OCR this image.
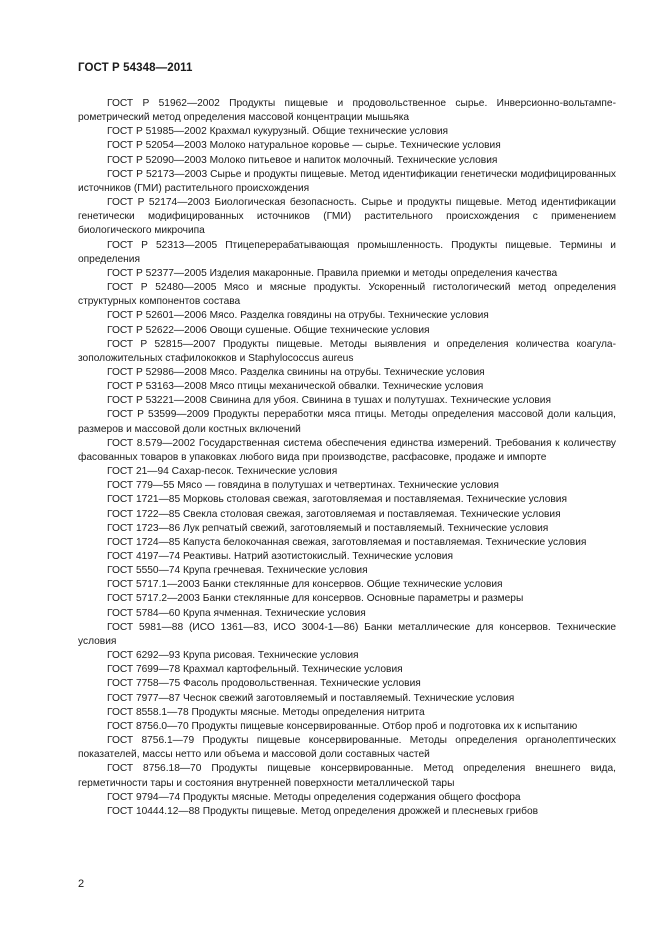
ГОСТ Р 54348—2011

ГОСТ Р 51962—2002 Продукты пищевые и продовольственное сырье. Инверсионно-вольтамперометрический метод определения массовой концентрации мышьяка

ГОСТ Р 51985—2002 Крахмал кукурузный. Общие технические условия

ГОСТ Р 52054—2003 Молоко натуральное коровье — сырье. Технические условия

ГОСТ Р 52090—2003 Молоко питьевое и напиток молочный. Технические условия

ГОСТ Р 52173—2003 Сырье и продукты пищевые. Метод идентификации генетически модифицированных источников (ГМИ) растительного происхождения

ГОСТ Р 52174—2003 Биологическая безопасность. Сырье и продукты пищевые. Метод идентификации генетически модифицированных источников (ГМИ) растительного происхождения с применением биологического микрочипа

ГОСТ Р 52313—2005 Птицеперерабатывающая промышленность. Продукты пищевые. Термины и определения

ГОСТ Р 52377—2005 Изделия макаронные. Правила приемки и методы определения качества

ГОСТ Р 52480—2005 Мясо и мясные продукты. Ускоренный гистологический метод определения структурных компонентов состава

ГОСТ Р 52601—2006 Мясо. Разделка говядины на отрубы. Технические условия

ГОСТ Р 52622—2006 Овощи сушеные. Общие технические условия

ГОСТ Р 52815—2007 Продукты пищевые. Методы выявления и определения количества коагулазоположительных стафилококков и Staphylococcus aureus

ГОСТ Р 52986—2008 Мясо. Разделка свинины на отрубы. Технические условия

ГОСТ Р 53163—2008 Мясо птицы механической обвалки. Технические условия

ГОСТ Р 53221—2008 Свинина для убоя. Свинина в тушах и полутушах. Технические условия

ГОСТ Р 53599—2009 Продукты переработки мяса птицы. Методы определения массовой доли кальция, размеров и массовой доли костных включений

ГОСТ 8.579—2002 Государственная система обеспечения единства измерений. Требования к количеству фасованных товаров в упаковках любого вида при производстве, расфасовке, продаже и импорте

ГОСТ 21—94 Сахар-песок. Технические условия

ГОСТ 779—55 Мясо — говядина в полутушах и четвертинах. Технические условия

ГОСТ 1721—85 Морковь столовая свежая, заготовляемая и поставляемая. Технические условия

ГОСТ 1722—85 Свекла столовая свежая, заготовляемая и поставляемая. Технические условия

ГОСТ 1723—86 Лук репчатый свежий, заготовляемый и поставляемый. Технические условия

ГОСТ 1724—85 Капуста белокочанная свежая, заготовляемая и поставляемая. Технические условия

ГОСТ 4197—74 Реактивы. Натрий азотистокислый. Технические условия

ГОСТ 5550—74 Крупа гречневая. Технические условия

ГОСТ 5717.1—2003 Банки стеклянные для консервов. Общие технические условия

ГОСТ 5717.2—2003 Банки стеклянные для консервов. Основные параметры и размеры

ГОСТ 5784—60 Крупа ячменная. Технические условия

ГОСТ 5981—88 (ИСО 1361—83, ИСО 3004-1—86) Банки металлические для консервов. Технические условия

ГОСТ 6292—93 Крупа рисовая. Технические условия

ГОСТ 7699—78 Крахмал картофельный. Технические условия

ГОСТ 7758—75 Фасоль продовольственная. Технические условия

ГОСТ 7977—87 Чеснок свежий заготовляемый и поставляемый. Технические условия

ГОСТ 8558.1—78 Продукты мясные. Методы определения нитрита

ГОСТ 8756.0—70 Продукты пищевые консервированные. Отбор проб и подготовка их к испытанию

ГОСТ 8756.1—79 Продукты пищевые консервированные. Методы определения органолептических показателей, массы нетто или объема и массовой доли составных частей

ГОСТ 8756.18—70 Продукты пищевые консервированные. Метод определения внешнего вида, герметичности тары и состояния внутренней поверхности металлической тары

ГОСТ 9794—74 Продукты мясные. Методы определения содержания общего фосфора

ГОСТ 10444.12—88 Продукты пищевые. Метод определения дрожжей и плесневых грибов

2
